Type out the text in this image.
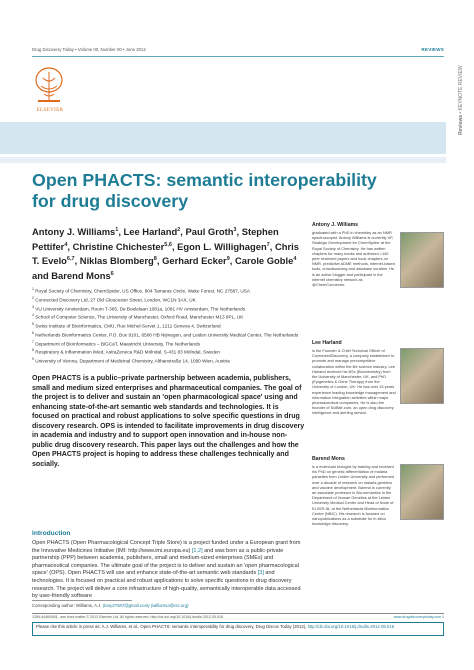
Drug Discovery Today • Volume 00, Number 00 • June 2012	REVIEWS
ELSEVIER
Reviews • KEYNOTE REVIEW
Open PHACTS: semantic interoperability
for drug discovery
Antony J. Williams$^1$, Lee Harland$^2$, Paul Groth$^3$, Stephen Pettifer$^4$, Christine Chichester$^{5,6}$, Egon L. Willighagen$^7$, Chris T. Evelo$^{6,7}$, Niklas Blomberg$^8$, Gerhard Ecker$^9$, Carole Goble$^4$ and Barend Mons$^6$
$^1$ Royal Society of Chemistry, ChemSpider, US Office, 904 Tamaras Circle, Wake Forest, NC 27587, USA
$^2$ Connected Discovery Ltd, 27 Old Gloucester Street, London, WC1N 3AX, UK
$^3$ VU University Amsterdam, Room T-365, De Boelelaan 1081a, 1081 HV Amsterdam, The Netherlands
$^4$ School of Computer Science, The University of Manchester, Oxford Road, Manchester M13 9PL, UK
$^5$ Swiss Institute of Bioinformatics, CMU, Rue Michel-Servet 1, 1211 Geneva 4, Switzerland
$^6$ Netherlands Bioinformatics Center, P.O. Box 9101, 6500 HB Nijmegen, and Leiden University Medical Center, The Netherlands
$^7$ Department of Bioinformatics – BiGCaT, Maastricht University, The Netherlands
$^8$ Respiratory & Inflammation iMed, AstraZeneca R&D Mölndal, S-431 83 Mölndal, Sweden
$^9$ University of Vienna, Department of Medicinal Chemistry, Althanstraße 14, 1090 Wien, Austria
Open PHACTS is a public–private partnership between academia, publishers, small and medium sized enterprises and pharmaceutical companies. The goal of the project is to deliver and sustain an 'open pharmacological space' using and enhancing state-of-the-art semantic web standards and technologies. It is focused on practical and robust applications to solve specific questions in drug discovery research. OPS is intended to facilitate improvements in drug discovery in academia and industry and to support open innovation and in-house non-public drug discovery research. This paper lays out the challenges and how the Open PHACTS project is hoping to address these challenges technically and socially.
Introduction
Open PHACTS (Open Pharmacological Concept Triple Store) is a project funded under a European grant from the Innovative Medicines Initiative (IMI: http://www.imi.europa.eu) [1,2] and was born as a public-private partnership (PPP) between academia, publishers, small and medium-sized enterprises (SMEs) and pharmaceutical companies. The ultimate goal of the project is to deliver and sustain an 'open pharmacological space' (OPS). Open PHACTS will use and enhance state-of-the-art semantic web standards [3] and technologies. It is focused on practical and robust applications to solve specific questions in drug discovery research. The project will deliver a core infrastructure of high-quality, semantically interoperable data accessed by user-friendly software
Corresponding author: Williams, A.J. (tony27587@gmail.com) (williamsa@rsc.org)
1359-6446/06/$ - see front matter © 2012 Elsevier Ltd. All rights reserved. http://dx.doi.org/10.1016/j.drudis.2012.05.016	www.drugdiscoverytoday.com 1
Please cite this article in press as: A.J. Williams, et al., Open PHACTS: semantic interoperability for drug discovery, Drug Discov Today (2012), http://dx.doi.org/10.1016/j.drudis.2012.05.016
Antony J. Williams
graduated with a PhD in chemistry as an NMR spectroscopist. Antony Williams is currently VP, Strategic Development for ChemSpider at the Royal Society of Chemistry. He has written chapters for many books and authored >140 peer reviewed papers and book chapters on NMR, predictive ADME methods, internet-based tools, crowdsourcing and database curation. He is an active blogger and participant in the internet chemistry network as @ChemConnector.
Lee Harland
is the Founder & Chief Technical Officer of ConnectedDiscovery, a company established to promote and manage precompetitive collaboration within the life science industry. Lee Harland received his BSc (Biochemistry) from the University of Manchester, UK, and PhD (Epigenetics & Gene Therapy) from the University of London, UK. He has over 15 years experience leading knowledge management and information integration activities within major pharmaceutical companies. He is also the founder of SciBite.com, an open drug discovery intelligence and alerting service.
Barend Mons
is a molecular biologist by training and received his PhD on genetic differentiation of malaria parasites from Leiden University and performed over a decade of research on malaria genetics and vaccine development. Barend is currently an associate professor in Bio-semantics in the Department of Human Genetics at the Leiden University Medical Center and Head of Node of ELIXIR-NL at the Netherlands Bioinformatics Centre (NBIC). His research is focused on nanopublications as a substrate for in silico knowledge discovery.
